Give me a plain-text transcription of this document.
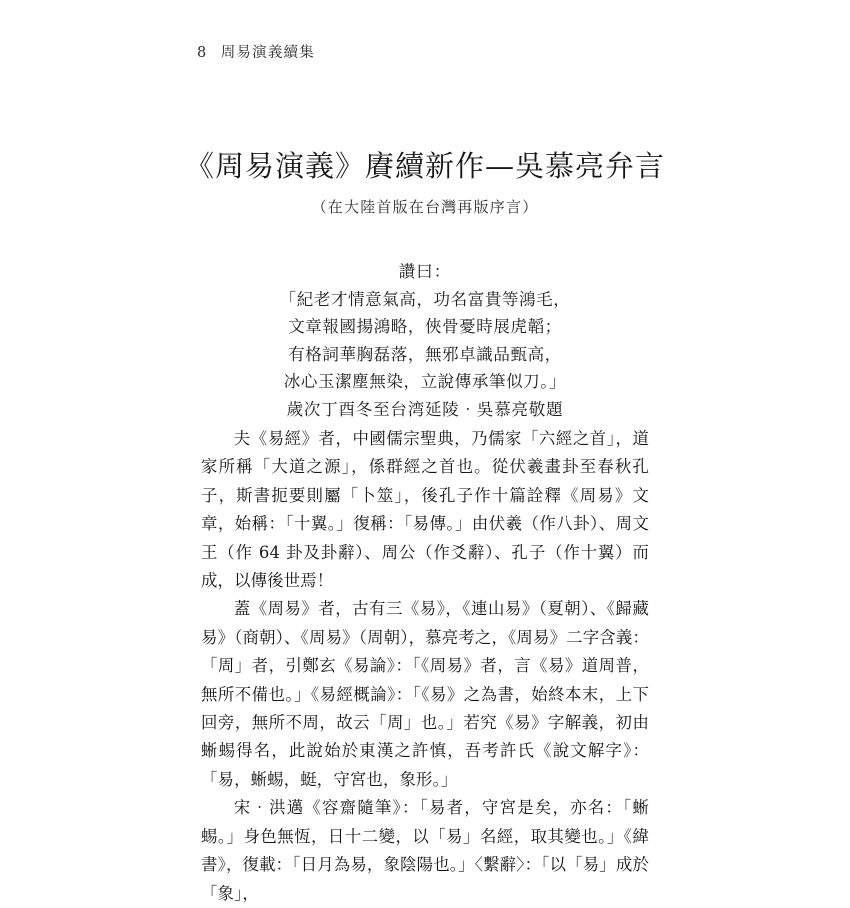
8 周易演義續集
《周易演義》賡續新作—吳慕亮弁言
（在大陸首版在台灣再版序言）
讚曰：
「紀老才情意氣高，功名富貴等鴻毛，
文章報國揚鴻略，俠骨憂時展虎韜；
有格詞華胸磊落，無邪卓識品甄高，
冰心玉潔塵無染，立說傳承筆似刀。」
歲次丁酉冬至台湾延陵‧吳慕亮敬題

夫《易經》者，中國儒宗聖典，乃儒家「六經之首」，道家所稱「大道之源」，係群經之首也。從伏羲畫卦至春秋孔子，斯書扼要則屬「卜筮」，後孔子作十篇詮釋《周易》文章，始稱：「十翼。」復稱：「易傳。」由伏羲（作八卦）、周文王（作 64 卦及卦辭）、周公（作爻辭）、孔子（作十翼）而成，以傳後世焉！

蓋《周易》者，古有三《易》，《連山易》（夏朝）、《歸藏易》（商朝）、《周易》（周朝），慕亮考之，《周易》二字含義：「周」者，引鄭玄《易論》：「《周易》者，言《易》道周普，無所不備也。」《易經概論》：「《易》之為書，始終本末，上下回旁，無所不周，故云「周」也。」若究《易》字解義，初由蜥蜴得名，此說始於東漢之許慎，吾考許氏《說文解字》：「易，蜥蜴，蜓，守宮也，象形。」

宋‧洪邁《容齋隨筆》：「易者，守宮是矣，亦名：「蜥蜴。」身色無恆，日十二變，以「易」名經，取其變也。」《緯書》，復載：「日月為易，象陰陽也。」〈繫辭〉：「以「易」成於「象」，
